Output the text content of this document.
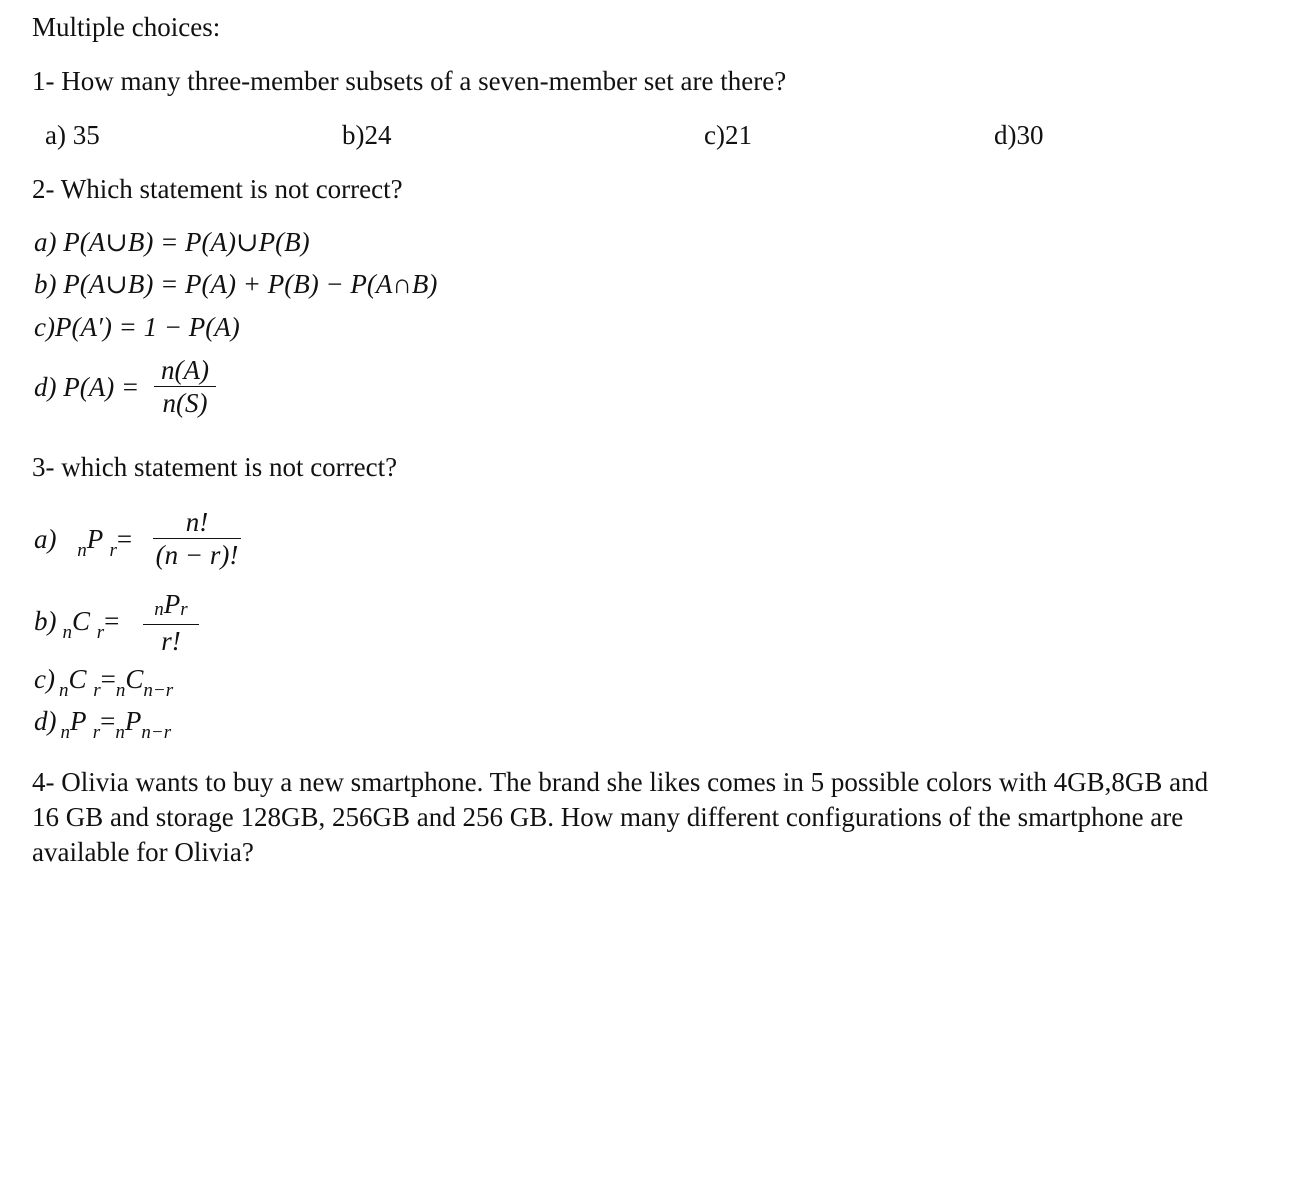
Multiple choices:
1- How many three-member subsets of a seven-member set are there?
a) 35	b)24	c)21	d)30
2- Which statement is not correct?
a) P(A∪B) = P(A)∪P(B)
b) P(A∪B) = P(A) + P(B) − P(A∩B)
c)P(A′) = 1 − P(A)
d) P(A) =
n(A)
n(S)
3- which statement is not correct?
a) $_n$P $_r$=
n!
(n − r)!
b) $_n$C $_r$=	nPr
r!
c) $_n$C $_r=_nC_{n-r}$
d) $_n$P $_r=_nP_{n-r}$
4- Olivia wants to buy a new smartphone. The brand she likes comes in 5 possible colors with 4GB,8GB and 16 GB and storage 128GB, 256GB and 256 GB. How many different configurations of the smartphone are available for Olivia?
